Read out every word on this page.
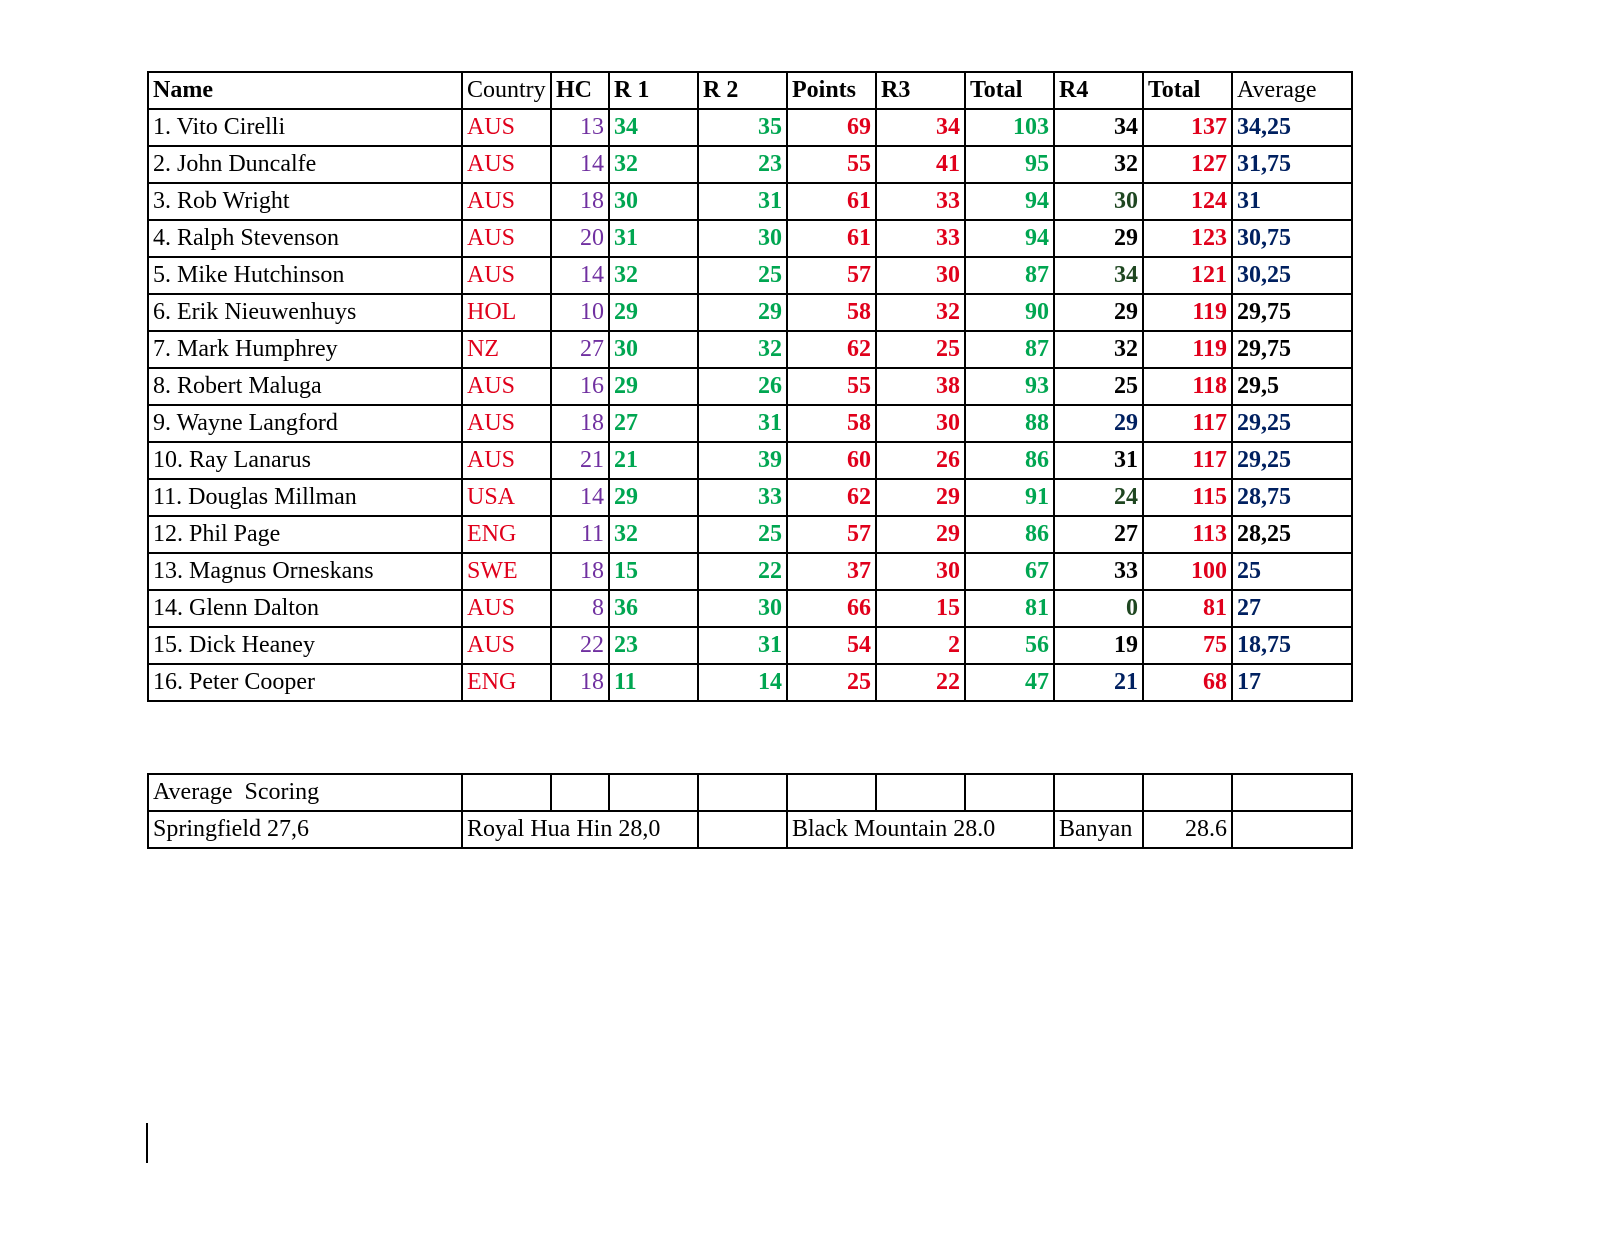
Name	Country	HC	R 1	R 2	Points	R3	Total	R4	Total	Average
1. Vito Cirelli	AUS	13	34	35	69	34	103	34	137	34,25
2. John Duncalfe	AUS	14	32	23	55	41	95	32	127	31,75
3. Rob Wright	AUS	18	30	31	61	33	94	30	124	31
4. Ralph Stevenson	AUS	20	31	30	61	33	94	29	123	30,75
5. Mike Hutchinson	AUS	14	32	25	57	30	87	34	121	30,25
6. Erik Nieuwenhuys	HOL	10	29	29	58	32	90	29	119	29,75
7. Mark Humphrey	NZ	27	30	32	62	25	87	32	119	29,75
8. Robert Maluga	AUS	16	29	26	55	38	93	25	118	29,5
9. Wayne Langford	AUS	18	27	31	58	30	88	29	117	29,25
10. Ray Lanarus	AUS	21	21	39	60	26	86	31	117	29,25
11. Douglas Millman	USA	14	29	33	62	29	91	24	115	28,75
12. Phil Page	ENG	11	32	25	57	29	86	27	113	28,25
13. Magnus Orneskans	SWE	18	15	22	37	30	67	33	100	25
14. Glenn Dalton	AUS	8	36	30	66	15	81	0	81	27
15. Dick Heaney	AUS	22	23	31	54	2	56	19	75	18,75
16. Peter Cooper	ENG	18	11	14	25	22	47	21	68	17
Average  Scoring										
Springfield 27,6	Royal Hua Hin 28,0				Black Mountain 28.0			Banyan	28.6	
